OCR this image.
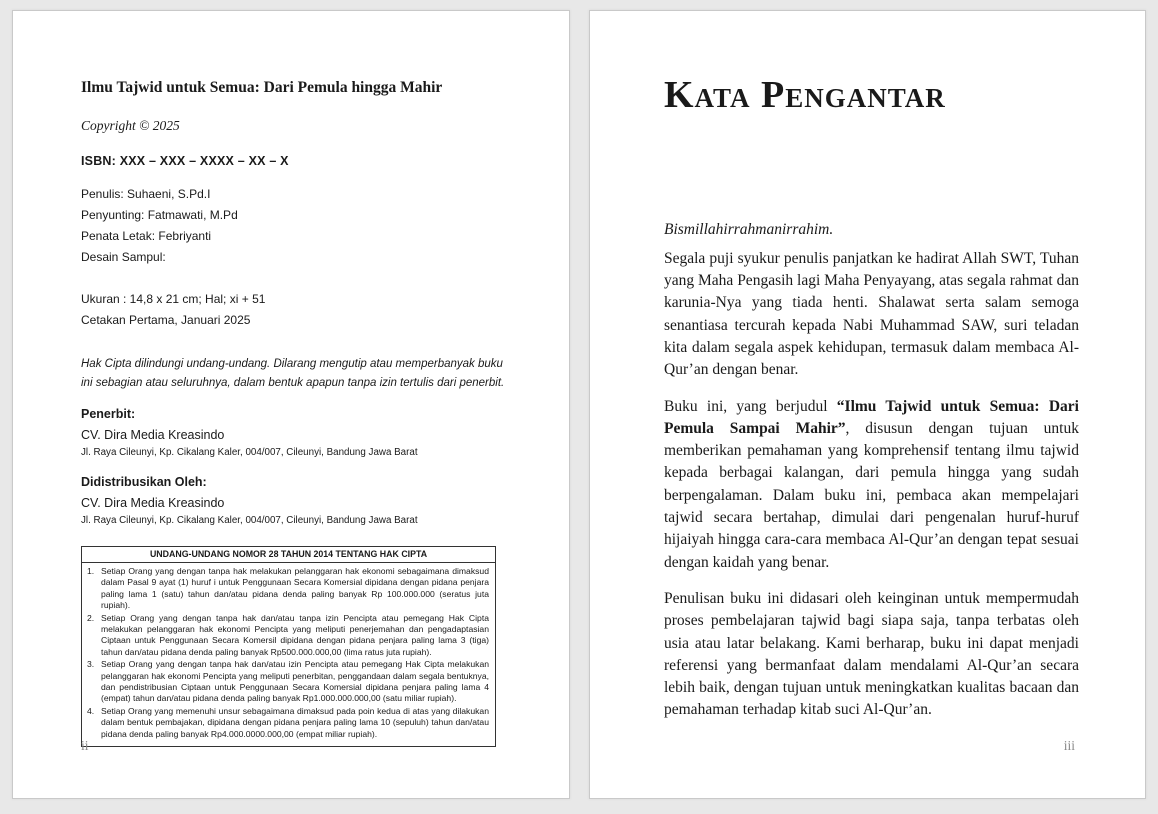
Ilmu Tajwid untuk Semua: Dari Pemula hingga Mahir

Copyright © 2025

ISBN: XXX – XXX – XXXX – XX – X

Penulis: Suhaeni, S.Pd.I

Penyunting: Fatmawati, M.Pd

Penata Letak: Febriyanti

Desain Sampul:

Ukuran : 14,8 x 21 cm; Hal; xi + 51

Cetakan Pertama, Januari 2025

Hak Cipta dilindungi undang-undang. Dilarang mengutip atau memperbanyak buku ini sebagian atau seluruhnya, dalam bentuk apapun tanpa izin tertulis dari penerbit.

Penerbit:

CV. Dira Media Kreasindo

Jl. Raya Cileunyi, Kp. Cikalang Kaler, 004/007, Cileunyi, Bandung Jawa Barat

Didistribusikan Oleh:

CV. Dira Media Kreasindo

Jl. Raya Cileunyi, Kp. Cikalang Kaler, 004/007, Cileunyi, Bandung Jawa Barat

UNDANG-UNDANG NOMOR 28 TAHUN 2014 TENTANG HAK CIPTA
1. Setiap Orang yang dengan tanpa hak melakukan pelanggaran hak ekonomi sebagaimana dimaksud dalam Pasal 9 ayat (1) huruf i untuk Penggunaan Secara Komersial dipidana dengan pidana penjara paling lama 1 (satu) tahun dan/atau pidana denda paling banyak Rp 100.000.000 (seratus juta rupiah).
2. Setiap Orang yang dengan tanpa hak dan/atau tanpa izin Pencipta atau pemegang Hak Cipta melakukan pelanggaran hak ekonomi Pencipta yang meliputi penerjemahan dan pengadaptasian Ciptaan untuk Penggunaan Secara Komersil dipidana dengan pidana penjara paling lama 3 (tiga) tahun dan/atau pidana denda paling banyak Rp500.000.000,00 (lima ratus juta rupiah).
3. Setiap Orang yang dengan tanpa hak dan/atau izin Pencipta atau pemegang Hak Cipta melakukan pelanggaran hak ekonomi Pencipta yang meliputi penerbitan, penggandaan dalam segala bentuknya, dan pendistribusian Ciptaan untuk Penggunaan Secara Komersial dipidana penjara paling lama 4 (empat) tahun dan/atau pidana denda paling banyak Rp1.000.000.000,00 (satu miliar rupiah).
4. Setiap Orang yang memenuhi unsur sebagaimana dimaksud pada poin kedua di atas yang dilakukan dalam bentuk pembajakan, dipidana dengan pidana penjara paling lama 10 (sepuluh) tahun dan/atau pidana denda paling banyak Rp4.000.0000.000,00 (empat miliar rupiah).
ii
Kata Pengantar

Bismillahirrahmanirrahim.

Segala puji syukur penulis panjatkan ke hadirat Allah SWT, Tuhan yang Maha Pengasih lagi Maha Penyayang, atas segala rahmat dan karunia-Nya yang tiada henti. Shalawat serta salam semoga senantiasa tercurah kepada Nabi Muhammad SAW, suri teladan kita dalam segala aspek kehidupan, termasuk dalam membaca Al-Qur’an dengan benar.

Buku ini, yang berjudul “Ilmu Tajwid untuk Semua: Dari Pemula Sampai Mahir”, disusun dengan tujuan untuk memberikan pemahaman yang komprehensif tentang ilmu tajwid kepada berbagai kalangan, dari pemula hingga yang sudah berpengalaman. Dalam buku ini, pembaca akan mempelajari tajwid secara bertahap, dimulai dari pengenalan huruf-huruf hijaiyah hingga cara-cara membaca Al-Qur’an dengan tepat sesuai dengan kaidah yang benar.

Penulisan buku ini didasari oleh keinginan untuk mempermudah proses pembelajaran tajwid bagi siapa saja, tanpa terbatas oleh usia atau latar belakang. Kami berharap, buku ini dapat menjadi referensi yang bermanfaat dalam mendalami Al-Qur’an secara lebih baik, dengan tujuan untuk meningkatkan kualitas bacaan dan pemahaman terhadap kitab suci Al-Qur’an.

iii
